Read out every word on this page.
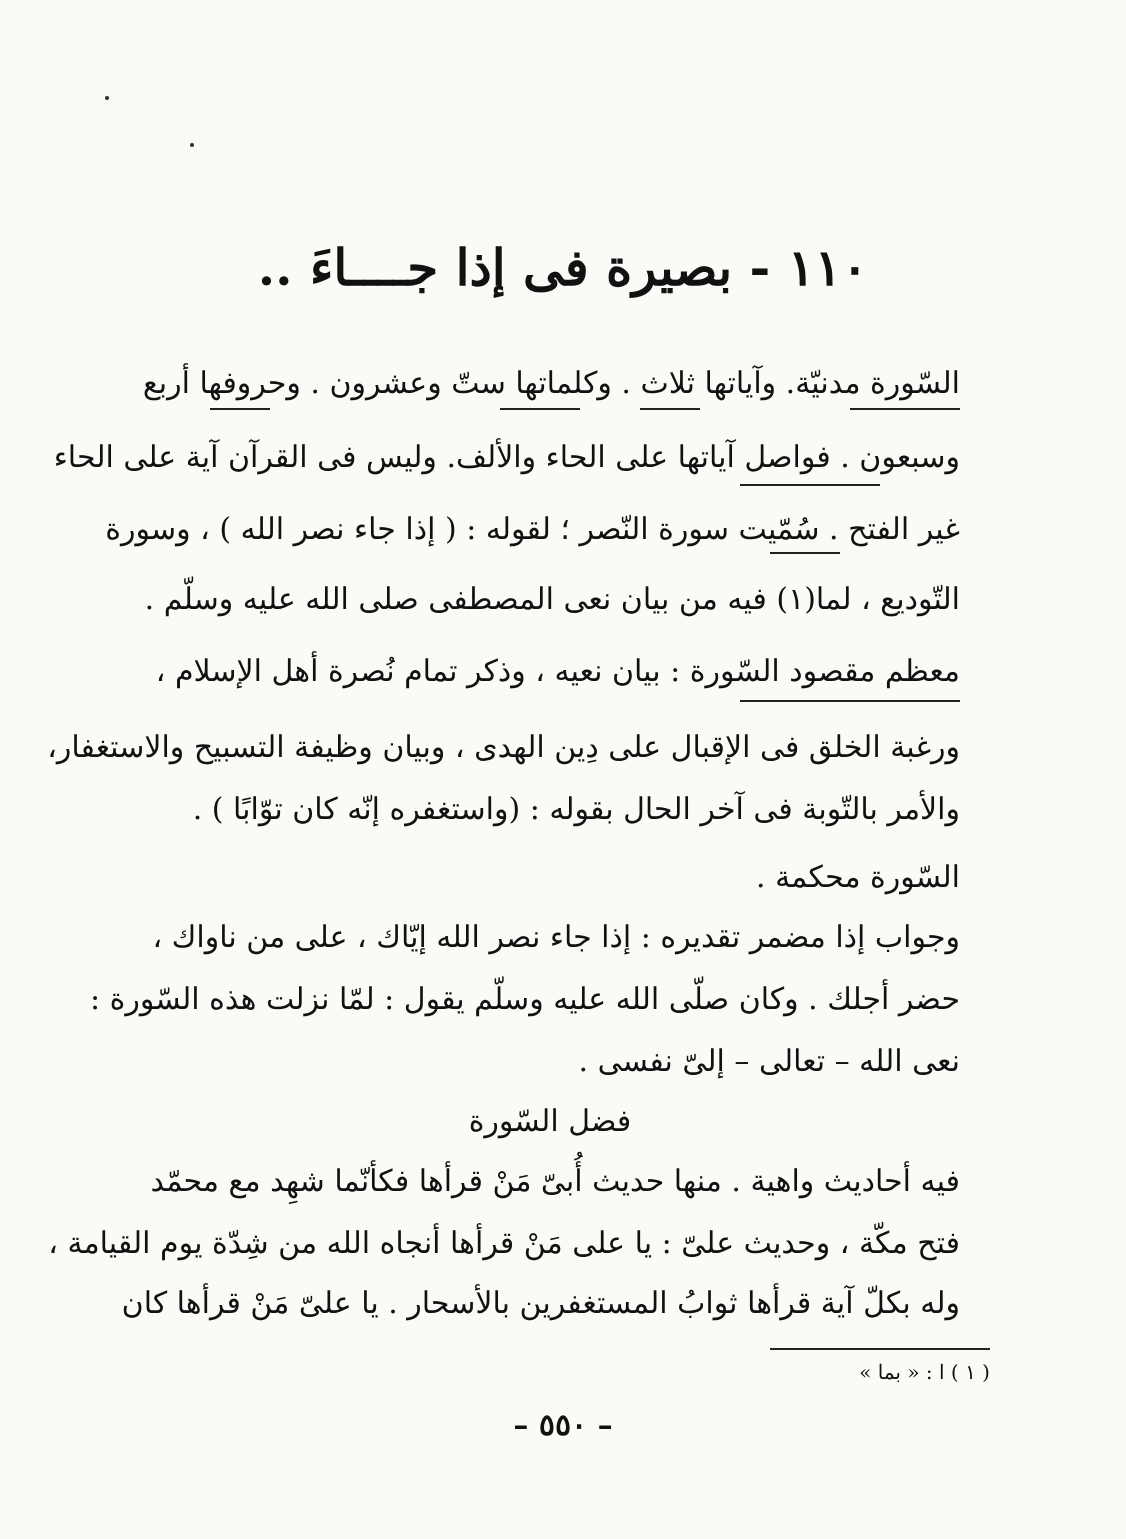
١١٠ - بصيرة فى إذا جــــاءَ ..
السّورة مدنيّة. وآياتها ثلاث . وكلماتها ستّ وعشرون . وحروفها أربع
وسبعون . فواصل آياتها على الحاء والألف. وليس فى القرآن آية على الحاء
غير الفتح . سُمّيت سورة النّصر ؛ لقوله : ( إذا جاء نصر الله ) ، وسورة
التّوديع ، لما(١) فيه من بيان نعى المصطفى صلى الله عليه وسلّم .
معظم مقصود السّورة : بيان نعيه ، وذكر تمام نُصرة أهل الإسلام ،
ورغبة الخلق فى الإقبال على دِين الهدى ، وبيان وظيفة التسبيح والاستغفار،
والأمر بالتّوبة فى آخر الحال بقوله : (واستغفره إنّه كان توّابًا ) .
السّورة محكمة .
وجواب إذا مضمر تقديره : إذا جاء نصر الله إيّاك ، على من ناواك ،
حضر أجلك . وكان صلّى الله عليه وسلّم يقول : لمّا نزلت هذه السّورة :
نعى الله – تعالى – إلىّ نفسى .
فضل السّورة
فيه أحاديث واهية . منها حديث أُبىّ مَنْ قرأها فكأنّما شهِد مع محمّد
فتح مكّة ، وحديث علىّ : يا على مَنْ قرأها أنجاه الله من شِدّة يوم القيامة ،
وله بكلّ آية قرأها ثوابُ المستغفرين بالأسحار . يا علىّ مَنْ قرأها كان
( ١ ) ا : « بما »
– ٥٥٠ –
